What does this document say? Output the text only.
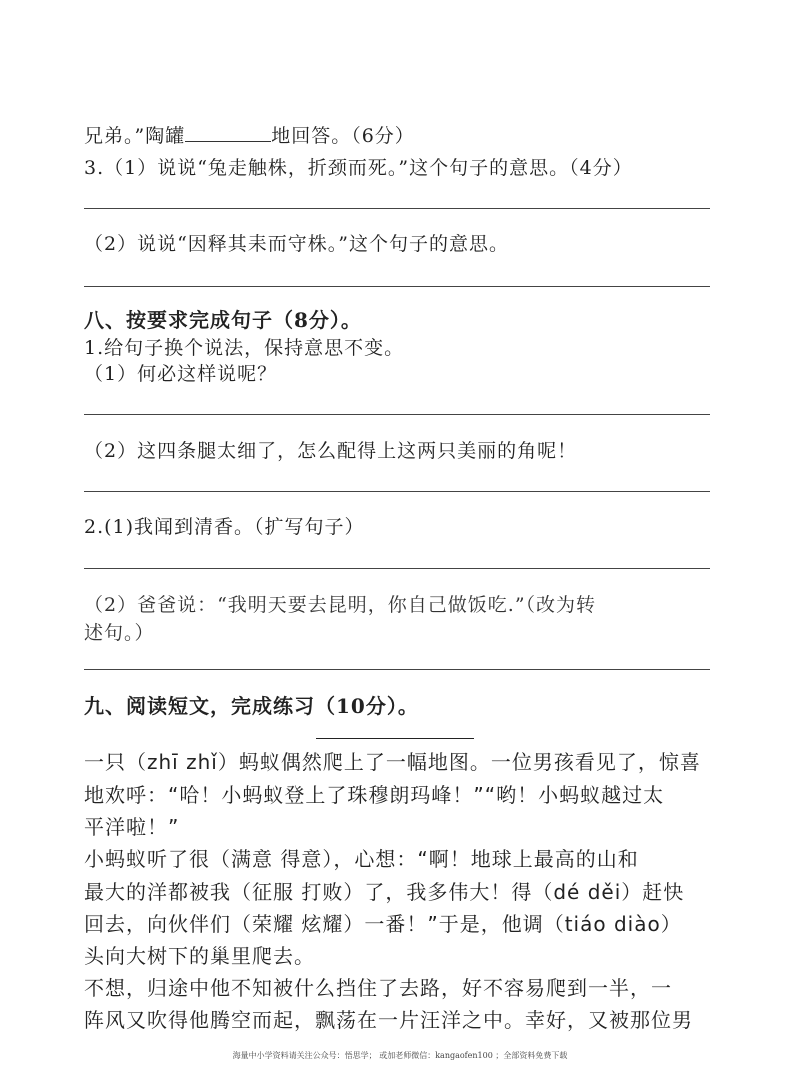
兄弟。”陶罐	地回答。（6分）
3.（1）说说“兔走触株，折颈而死。”这个句子的意思。（4分）
（2）说说“因释其耒而守株。”这个句子的意思。
八、按要求完成句子（8分）。
1.给句子换个说法，保持意思不变。
（1）何必这样说呢？
（2）这四条腿太细了，怎么配得上这两只美丽的角呢！
2.(1)我闻到清香。（扩写句子）
（2）爸爸说：“我明天要去昆明，你自己做饭吃.”（改为转
述句。）
九、阅读短文，完成练习（10分）。
一只（zhī zhǐ）蚂蚁偶然爬上了一幅地图。一位男孩看见了，惊喜
地欢呼：“哈！小蚂蚁登上了珠穆朗玛峰！”“哟！小蚂蚁越过太
平洋啦！”
小蚂蚁听了很（满意 得意），心想：“啊！地球上最高的山和
最大的洋都被我（征服 打败）了，我多伟大！得（dé děi）赶快
回去，向伙伴们（荣耀 炫耀）一番！”于是，他调（tiáo diào）
头向大树下的巢里爬去。
不想，归途中他不知被什么挡住了去路，好不容易爬到一半，一
阵风又吹得他腾空而起，飘荡在一片汪洋之中。幸好，又被那位男
海量中小学资料请关注公众号：悟思学； 或加老师微信：kangaofen100 ；全部资料免费下载
